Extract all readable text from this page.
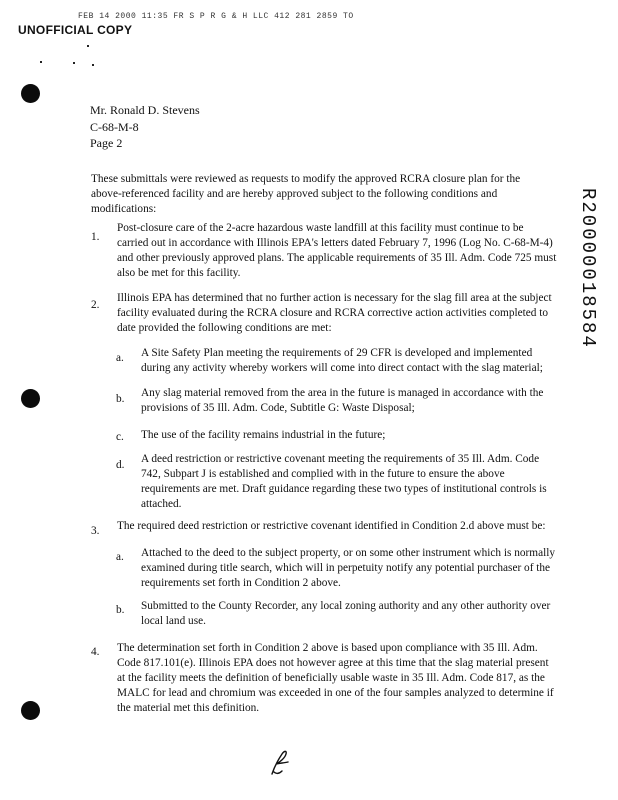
FEB 14 2000 11:35 FR S P R G & H LLC 412 281 2859 TO
UNOFFICIAL COPY
R20000018584
Mr. Ronald D. Stevens
C-68-M-8
Page 2
These submittals were reviewed as requests to modify the approved RCRA closure plan for the above-referenced facility and are hereby approved subject to the following conditions and modifications:
1.
Post-closure care of the 2-acre hazardous waste landfill at this facility must continue to be carried out in accordance with Illinois EPA's letters dated February 7, 1996 (Log No. C-68-M-4) and other previously approved plans. The applicable requirements of 35 Ill. Adm. Code 725 must also be met for this facility.
2.
Illinois EPA has determined that no further action is necessary for the slag fill area at the subject facility evaluated during the RCRA closure and RCRA corrective action activities completed to date provided the following conditions are met:
a. A Site Safety Plan meeting the requirements of 29 CFR is developed and implemented during any activity whereby workers will come into direct contact with the slag material;
b. Any slag material removed from the area in the future is managed in accordance with the provisions of 35 Ill. Adm. Code, Subtitle G: Waste Disposal;
c. The use of the facility remains industrial in the future;
d. A deed restriction or restrictive covenant meeting the requirements of 35 Ill. Adm. Code 742, Subpart J is established and complied with in the future to ensure the above requirements are met. Draft guidance regarding these two types of institutional controls is attached.
3. The required deed restriction or restrictive covenant identified in Condition 2.d above must be:
a. Attached to the deed to the subject property, or on some other instrument which is normally examined during title search, which will in perpetuity notify any potential purchaser of the requirements set forth in Condition 2 above.
b. Submitted to the County Recorder, any local zoning authority and any other authority over local land use.
4. The determination set forth in Condition 2 above is based upon compliance with 35 Ill. Adm. Code 817.101(e). Illinois EPA does not however agree at this time that the slag material present at the facility meets the definition of beneficially usable waste in 35 Ill. Adm. Code 817, as the MALC for lead and chromium was exceeded in one of the four samples analyzed to determine if the material met this definition.
